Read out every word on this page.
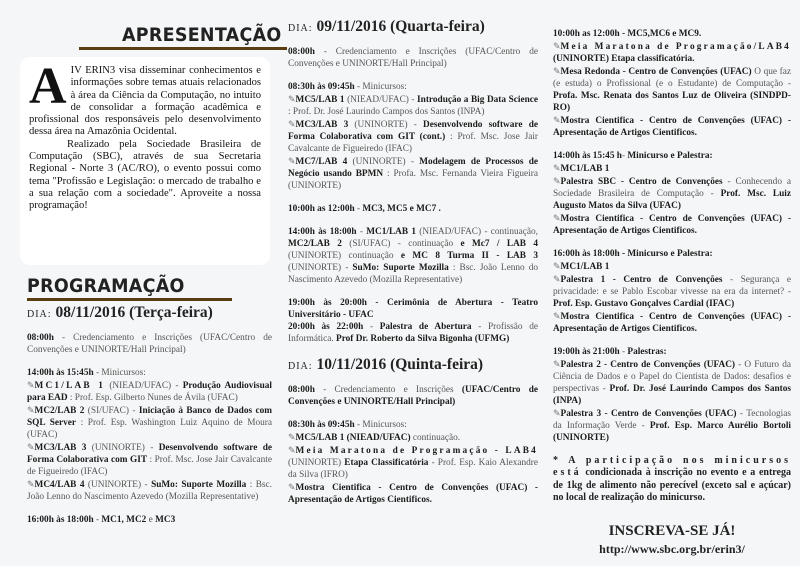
APRESENTAÇÃO
A IV ERIN3 visa disseminar conhecimentos e informações sobre temas atuais relacionados à área da Ciência da Computação, no intuito de consolidar a formação acadêmica e profissional dos responsáveis pelo desenvolvimento dessa área na Amazônia Ocidental.

Realizado pela Sociedade Brasileira de Computação (SBC), através de sua Secretaria Regional - Norte 3 (AC/RO), o evento possui como tema "Profissão e Legislação: o mercado de trabalho e a sua relação com a sociedade". Aproveite a nossa programação!

PROGRAMAÇÃO
DIA: 08/11/2016 (Terça-feira)

08:00h - Credenciamento e Inscrições (UFAC/Centro de Convenções e UNINORTE/Hall Principal)

14:00h às 15:45h - Minicursos:

✎MC1/LAB 1 (NIEAD/UFAC) - Produção Audiovisual para EAD : Prof. Esp. Gilberto Nunes de Ávila (UFAC)

✎MC2/LAB 2 (SI/UFAC) - Iniciação à Banco de Dados com SQL Server : Prof. Esp. Washington Luiz Aquino de Moura (UFAC)

✎MC3/LAB 3 (UNINORTE) - Desenvolvendo software de Forma Colaborativa com GIT : Prof. Msc. Jose Jair Cavalcante de Figueiredo (IFAC)

✎MC4/LAB 4 (UNINORTE) - SuMo: Suporte Mozilla : Bsc. João Lenno do Nascimento Azevedo (Mozilla Representative)

16:00h às 18:00h - MC1, MC2 e MC3

DIA: 09/11/2016 (Quarta-feira)

08:00h - Credenciamento e Inscrições (UFAC/Centro de Convenções e UNINORTE/Hall Principal)

08:30h às 09:45h - Minicursos:

✎MC5/LAB 1 (NIEAD/UFAC) - Introdução a Big Data Science : Prof. Dr. José Laurindo Campos dos Santos (INPA)

✎MC3/LAB 3 (UNINORTE) - Desenvolvendo software de Forma Colaborativa com GIT (cont.) : Prof. Msc. Jose Jair Cavalcante de Figueiredo (IFAC)

✎MC7/LAB 4 (UNINORTE) - Modelagem de Processos de Negócio usando BPMN : Profa. Msc. Fernanda Vieira Figueira (UNINORTE)

10:00h as 12:00h - MC3, MC5 e MC7 .

14:00h às 18:00h - MC1/LAB 1 (NIEAD/UFAC) - continuação, MC2/LAB 2 (SI/UFAC) - continuação e Mc7 / LAB 4 (UNINORTE) continuação e MC 8 Turma II - LAB 3 (UNINORTE) - SuMo: Suporte Mozilla : Bsc. João Lenno do Nascimento Azevedo (Mozilla Representative)

19:00h às 20:00h - Cerimônia de Abertura - Teatro Universitário - UFAC

20:00h às 22:00h - Palestra de Abertura - Profissão de Informática. Prof Dr. Roberto da Silva Bigonha (UFMG)

DIA: 10/11/2016 (Quinta-feira)

08:00h - Credenciamento e Inscrições (UFAC/Centro de Convenções e UNINORTE/Hall Principal)

08:30h às 09:45h - Minicursos:

✎MC5/LAB 1 (NIEAD/UFAC) continuação.

✎Meia Maratona de Programação - LAB4 (UNINORTE) Etapa Classificatória - Prof. Esp. Kaio Alexandre da Silva (IFRO)

✎Mostra Cientifica - Centro de Convenções (UFAC) - Apresentação de Artigos Cientificos.

10:00h as 12:00h - MC5,MC6 e MC9.

✎Meia Maratona de Programação/LAB4 (UNINORTE) Etapa classificatória.

✎Mesa Redonda - Centro de Convenções (UFAC) O que faz (e estuda) o Profissional (e o Estudante) de Computação - Profa. Msc. Renata dos Santos Luz de Oliveira (SINDPD-RO)

✎Mostra Cientifica - Centro de Convenções (UFAC) - Apresentação de Artigos Cientificos.

14:00h às 15:45 h- Minicurso e Palestra:

✎MC1/LAB 1

✎Palestra SBC - Centro de Convenções - Conhecendo a Sociedade Brasileira de Computação - Prof. Msc. Luiz Augusto Matos da Silva (UFAC)

✎Mostra Cientifica - Centro de Convenções (UFAC) - Apresentação de Artigos Cientificos.

16:00h às 18:00h - Minicurso e Palestra:

✎MC1/LAB 1

✎Palestra 1 - Centro de Convenções - Segurança e privacidade: e se Pablo Escobar vivesse na era da internet? - Prof. Esp. Gustavo Gonçalves Cardial (IFAC)

✎Mostra Cientifica - Centro de Convenções (UFAC) - Apresentação de Artigos Cientificos.

19:00h às 21:00h - Palestras:

✎Palestra 2 - Centro de Convenções (UFAC) - O Futuro da Ciência de Dados e o Papel do Cientista de Dados: desafios e perspectivas - Prof. Dr. José Laurindo Campos dos Santos (INPA)

✎Palestra 3 - Centro de Convenções (UFAC) - Tecnologias da Informação Verde - Prof. Esp. Marco Aurélio Bortoli (UNINORTE)

* A participação nos minicursos está condicionada à inscrição no evento e a entrega de 1kg de alimento não perecível (exceto sal e açúcar) no local de realização do minicurso.

INSCREVA-SE JÁ!
http://www.sbc.org.br/erin3/
